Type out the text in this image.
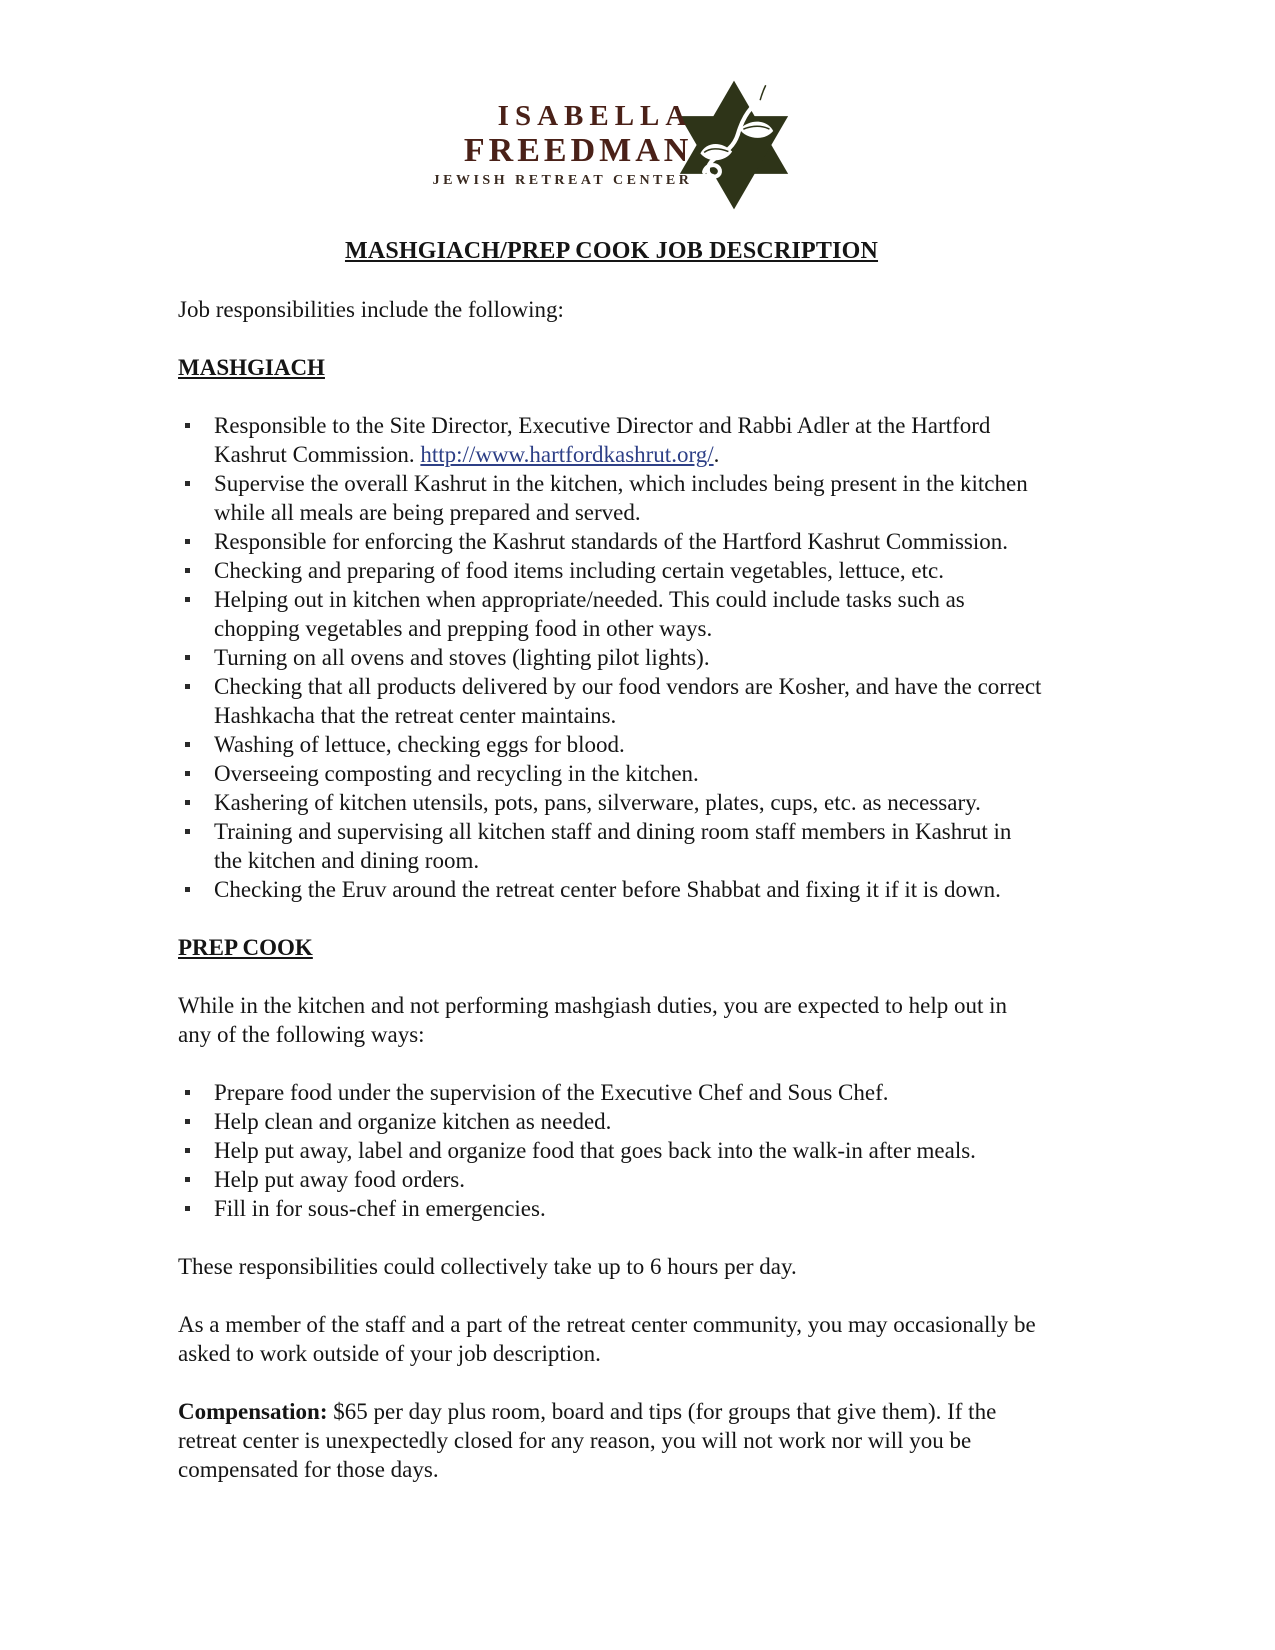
ISABELLA
FREEDMAN
JEWISH RETREAT CENTER
MASHGIACH/PREP COOK JOB DESCRIPTION

Job responsibilities include the following:

MASHGIACH
Responsible to the Site Director, Executive Director and Rabbi Adler at the Hartford Kashrut Commission. http://www.hartfordkashrut.org/.
Supervise the overall Kashrut in the kitchen, which includes being present in the kitchen while all meals are being prepared and served.
Responsible for enforcing the Kashrut standards of the Hartford Kashrut Commission.
Checking and preparing of food items including certain vegetables, lettuce, etc.
Helping out in kitchen when appropriate/needed. This could include tasks such as chopping vegetables and prepping food in other ways.
Turning on all ovens and stoves (lighting pilot lights).
Checking that all products delivered by our food vendors are Kosher, and have the correct Hashkacha that the retreat center maintains.
Washing of lettuce, checking eggs for blood.
Overseeing composting and recycling in the kitchen.
Kashering of kitchen utensils, pots, pans, silverware, plates, cups, etc. as necessary.
Training and supervising all kitchen staff and dining room staff members in Kashrut in the kitchen and dining room.
Checking the Eruv around the retreat center before Shabbat and fixing it if it is down.
PREP COOK

While in the kitchen and not performing mashgiash duties, you are expected to help out in any of the following ways:

Prepare food under the supervision of the Executive Chef and Sous Chef.
Help clean and organize kitchen as needed.
Help put away, label and organize food that goes back into the walk-in after meals.
Help put away food orders.
Fill in for sous-chef in emergencies.

These responsibilities could collectively take up to 6 hours per day.

As a member of the staff and a part of the retreat center community, you may occasionally be asked to work outside of your job description.

Compensation: $65 per day plus room, board and tips (for groups that give them). If the retreat center is unexpectedly closed for any reason, you will not work nor will you be compensated for those days.
